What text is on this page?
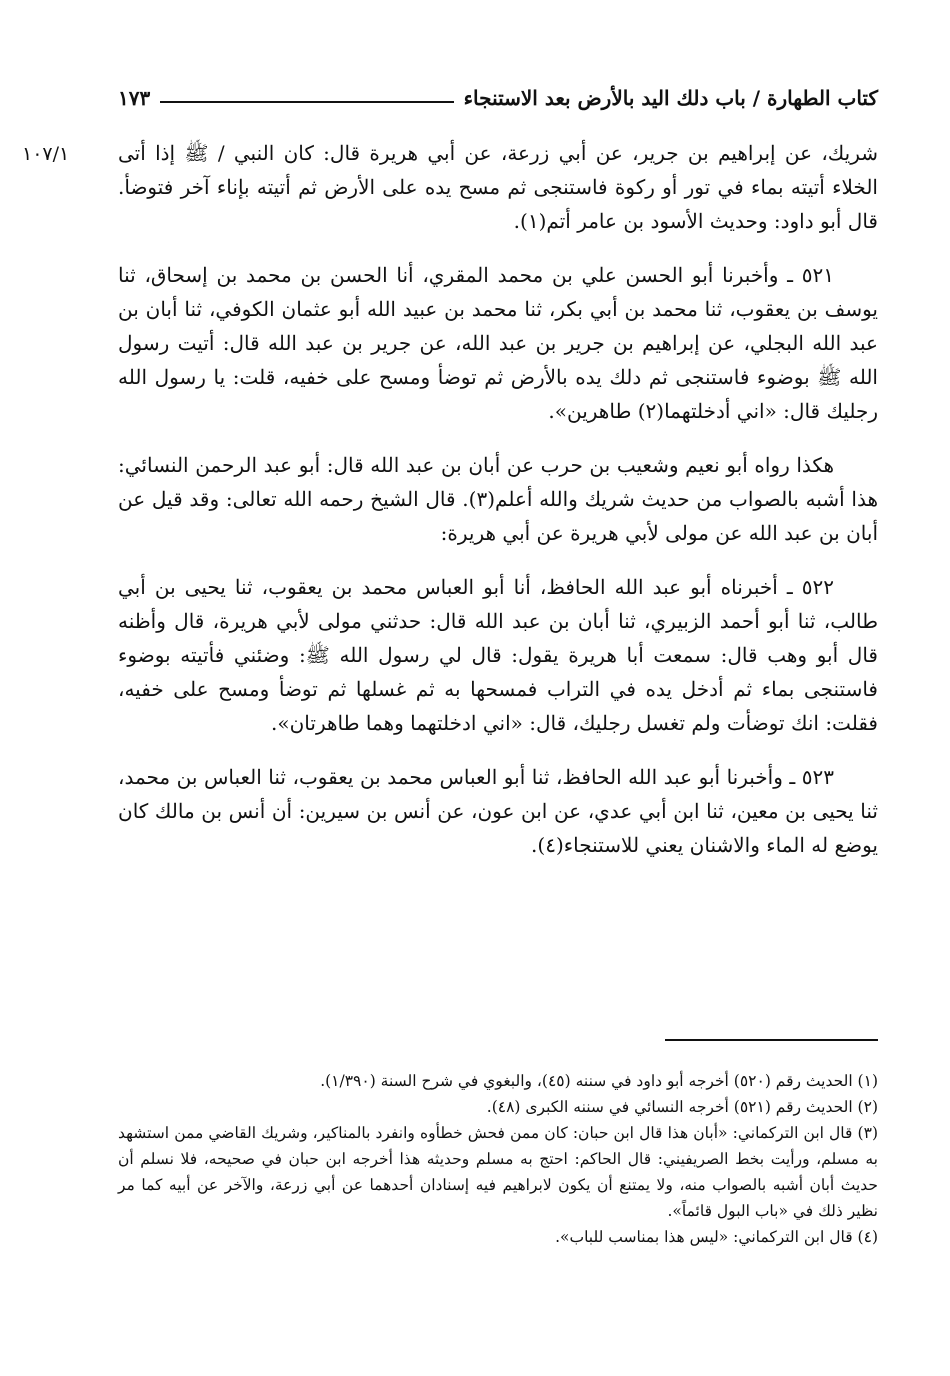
كتاب الطهارة / باب دلك اليد بالأرض بعد الاستنجاء
١٧٣
١٠٧/١	شريك، عن إبراهيم بن جرير، عن أبي زرعة، عن أبي هريرة قال: كان النبي / ﷺ إذا أتى الخلاء أتيته بماء في تور أو ركوة فاستنجى ثم مسح يده على الأرض ثم أتيته بإناء آخر فتوضأ. قال أبو داود: وحديث الأسود بن عامر أتم(١).

٥٢١ ـ وأخبرنا أبو الحسن علي بن محمد المقري، أنا الحسن بن محمد بن إسحاق، ثنا يوسف بن يعقوب، ثنا محمد بن أبي بكر، ثنا محمد بن عبيد الله أبو عثمان الكوفي، ثنا أبان بن عبد الله البجلي، عن إبراهيم بن جرير بن عبد الله، عن جرير بن عبد الله قال: أتيت رسول الله ﷺ بوضوء فاستنجى ثم دلك يده بالأرض ثم توضأ ومسح على خفيه، قلت: يا رسول الله رجليك قال: «اني أدخلتهما(٢) طاهرين».

هكذا رواه أبو نعيم وشعيب بن حرب عن أبان بن عبد الله قال: أبو عبد الرحمن النسائي: هذا أشبه بالصواب من حديث شريك والله أعلم(٣). قال الشيخ رحمه الله تعالى: وقد قيل عن أبان بن عبد الله عن مولى لأبي هريرة عن أبي هريرة:

٥٢٢ ـ أخبرناه أبو عبد الله الحافظ، أنا أبو العباس محمد بن يعقوب، ثنا يحيى بن أبي طالب، ثنا أبو أحمد الزبيري، ثنا أبان بن عبد الله قال: حدثني مولى لأبي هريرة، قال وأظنه قال أبو وهب قال: سمعت أبا هريرة يقول: قال لي رسول الله ﷺ: وضئني فأتيته بوضوء فاستنجى بماء ثم أدخل يده في التراب فمسحها به ثم غسلها ثم توضأ ومسح على خفيه، فقلت: انك توضأت ولم تغسل رجليك، قال: «اني ادخلتهما وهما طاهرتان».

٥٢٣ ـ وأخبرنا أبو عبد الله الحافظ، ثنا أبو العباس محمد بن يعقوب، ثنا العباس بن محمد، ثنا يحيى بن معين، ثنا ابن أبي عدي، عن ابن عون، عن أنس بن سيرين: أن أنس بن مالك كان يوضع له الماء والاشنان يعني للاستنجاء(٤).

(١) الحديث رقم (٥٢٠) أخرجه أبو داود في سننه (٤٥)، والبغوي في شرح السنة (١/٣٩٠).

(٢) الحديث رقم (٥٢١) أخرجه النسائي في سننه الكبرى (٤٨).

(٣) قال ابن التركماني: «أبان هذا قال ابن حبان: كان ممن فحش خطأوه وانفرد بالمناكير، وشريك القاضي ممن استشهد به مسلم، ورأيت بخط الصريفيني: قال الحاكم: احتج به مسلم وحديثه هذا أخرجه ابن حبان في صحيحه، فلا نسلم أن حديث أبان أشبه بالصواب منه، ولا يمتنع أن يكون لابراهيم فيه إسنادان أحدهما عن أبي زرعة، والآخر عن أبيه كما مر نظير ذلك في «باب البول قائماً».

(٤) قال ابن التركماني: «ليس هذا بمناسب للباب».
